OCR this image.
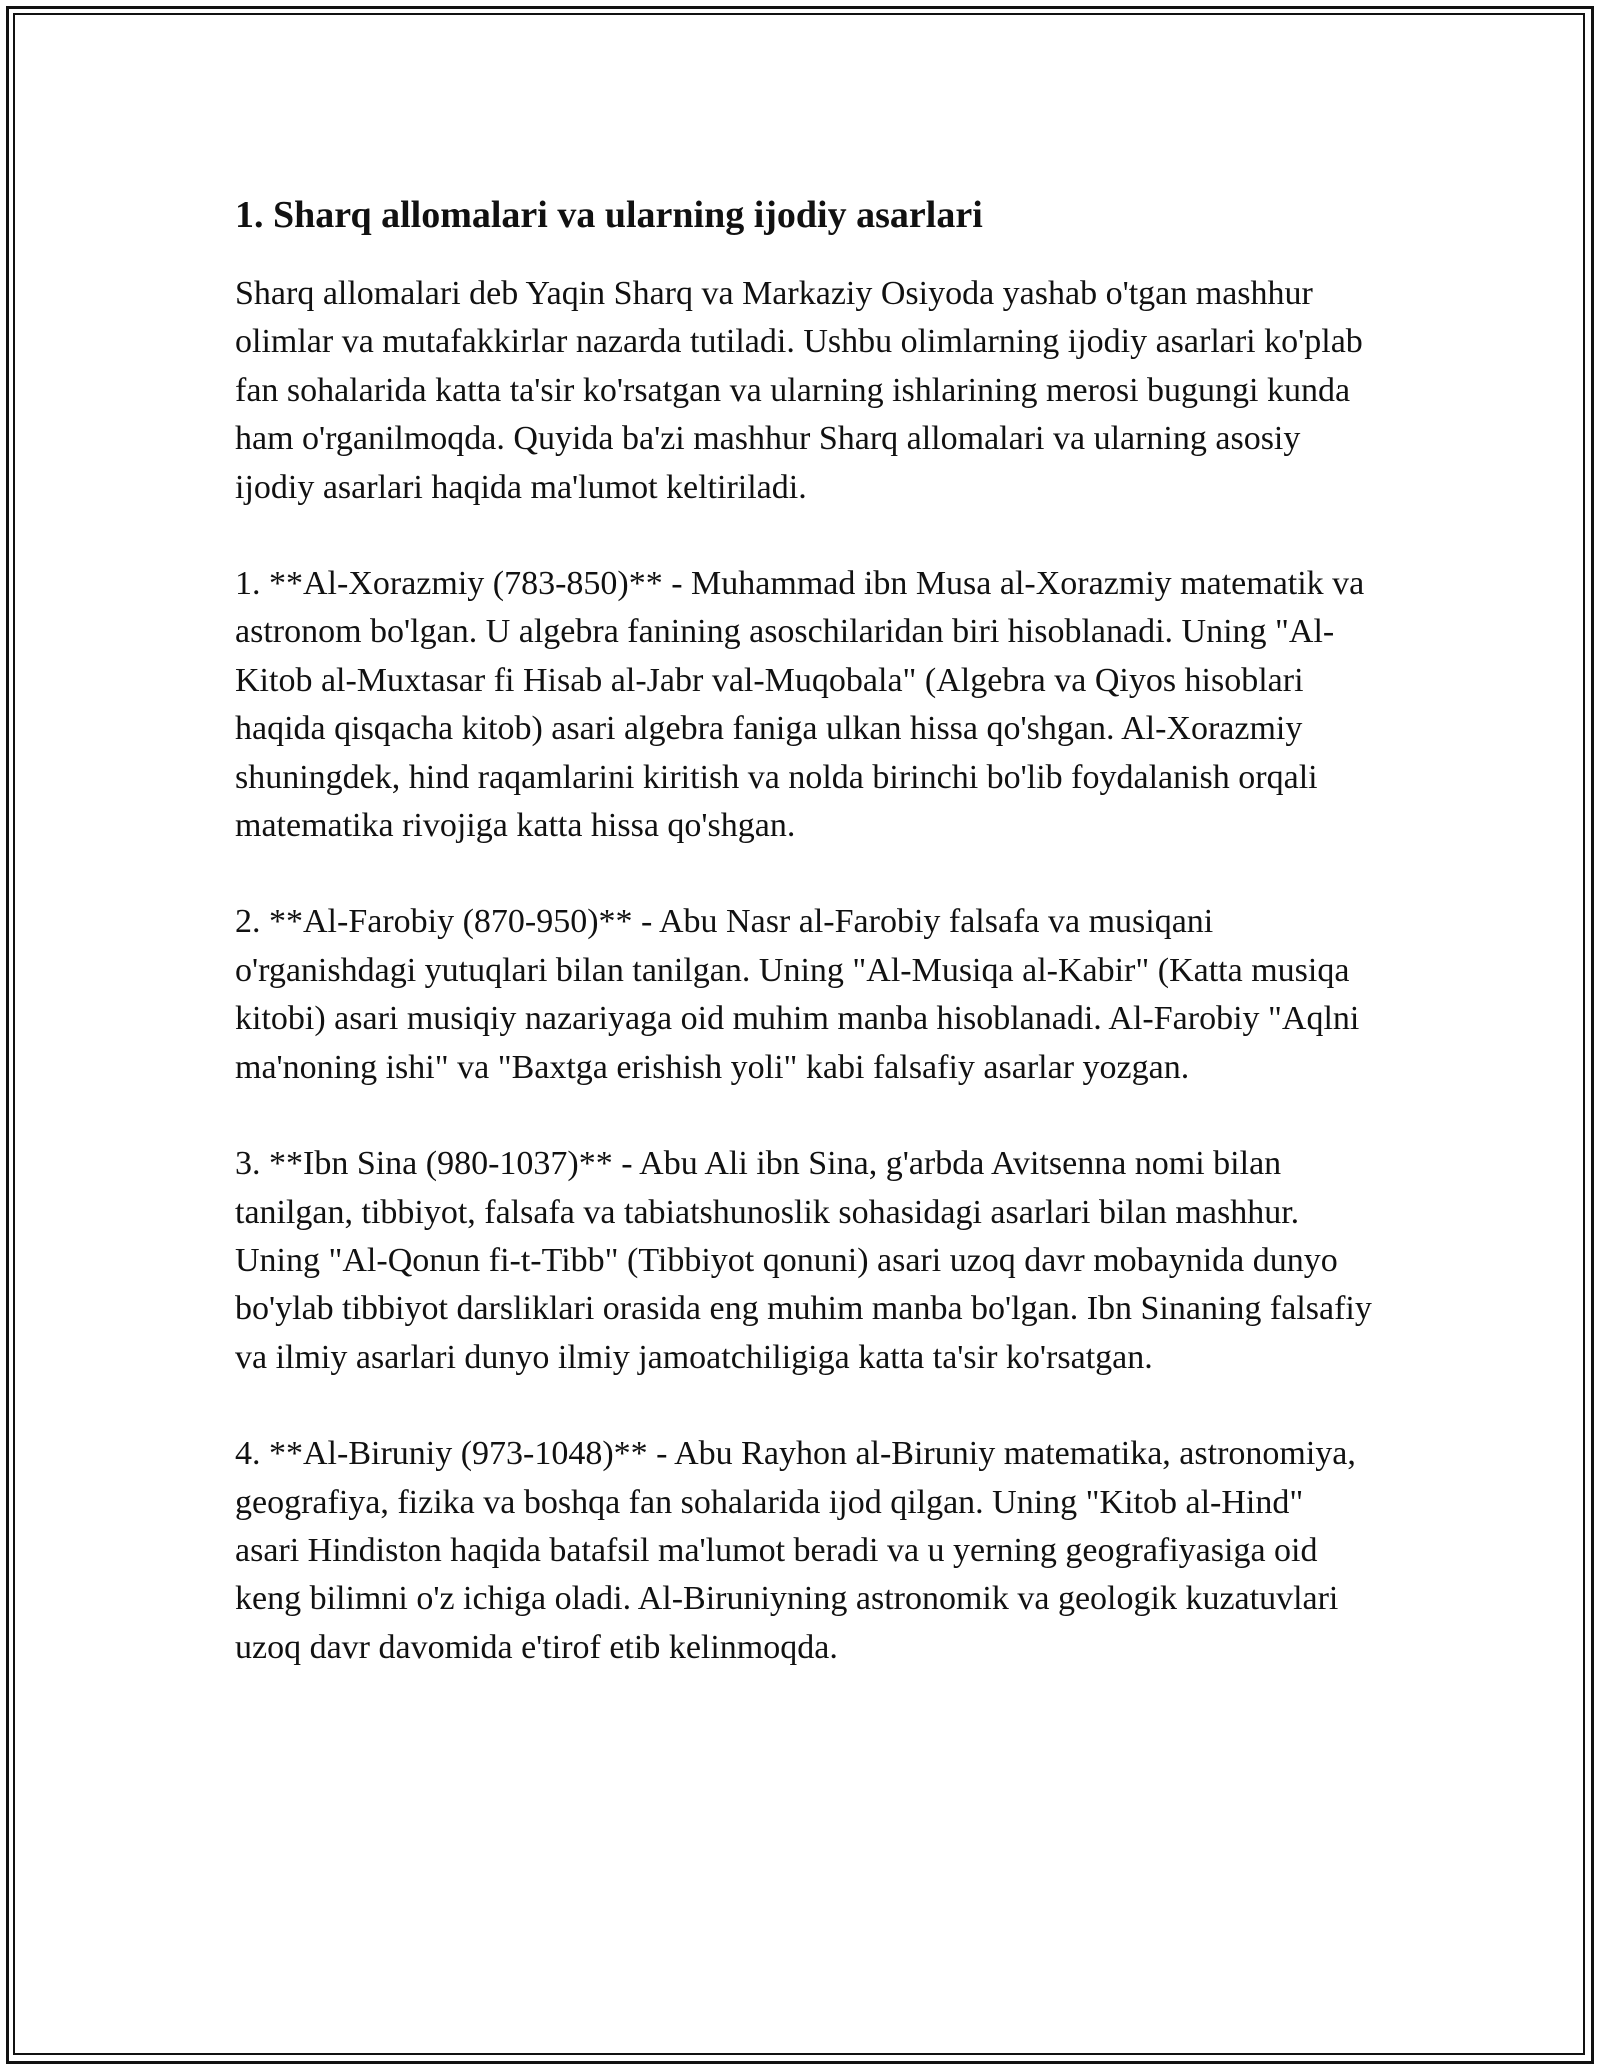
1. Sharq allomalari va ularning ijodiy asarlari

Sharq allomalari deb Yaqin Sharq va Markaziy Osiyoda yashab o'tgan mashhur olimlar va mutafakkirlar nazarda tutiladi. Ushbu olimlarning ijodiy asarlari ko'plab fan sohalarida katta ta'sir ko'rsatgan va ularning ishlarining merosi bugungi kunda ham o'rganilmoqda. Quyida ba'zi mashhur Sharq allomalari va ularning asosiy ijodiy asarlari haqida ma'lumot keltiriladi.

1. **Al-Xorazmiy (783-850)** - Muhammad ibn Musa al-Xorazmiy matematik va astronom bo'lgan. U algebra fanining asoschilaridan biri hisoblanadi. Uning "Al-Kitob al-Muxtasar fi Hisab al-Jabr val-Muqobala" (Algebra va Qiyos hisoblari haqida qisqacha kitob) asari algebra faniga ulkan hissa qo'shgan. Al-Xorazmiy shuningdek, hind raqamlarini kiritish va nolda birinchi bo'lib foydalanish orqali matematika rivojiga katta hissa qo'shgan.

2. **Al-Farobiy (870-950)** - Abu Nasr al-Farobiy falsafa va musiqani o'rganishdagi yutuqlari bilan tanilgan. Uning "Al-Musiqa al-Kabir" (Katta musiqa kitobi) asari musiqiy nazariyaga oid muhim manba hisoblanadi. Al-Farobiy "Aqlni ma'noning ishi" va "Baxtga erishish yoli" kabi falsafiy asarlar yozgan.

3. **Ibn Sina (980-1037)** - Abu Ali ibn Sina, g'arbda Avitsenna nomi bilan tanilgan, tibbiyot, falsafa va tabiatshunoslik sohasidagi asarlari bilan mashhur. Uning "Al-Qonun fi-t-Tibb" (Tibbiyot qonuni) asari uzoq davr mobaynida dunyo bo'ylab tibbiyot darsliklari orasida eng muhim manba bo'lgan. Ibn Sinaning falsafiy va ilmiy asarlari dunyo ilmiy jamoatchiligiga katta ta'sir ko'rsatgan.

4. **Al-Biruniy (973-1048)** - Abu Rayhon al-Biruniy matematika, astronomiya, geografiya, fizika va boshqa fan sohalarida ijod qilgan. Uning "Kitob al-Hind" asari Hindiston haqida batafsil ma'lumot beradi va u yerning geografiyasiga oid keng bilimni o'z ichiga oladi. Al-Biruniyning astronomik va geologik kuzatuvlari uzoq davr davomida e'tirof etib kelinmoqda.
